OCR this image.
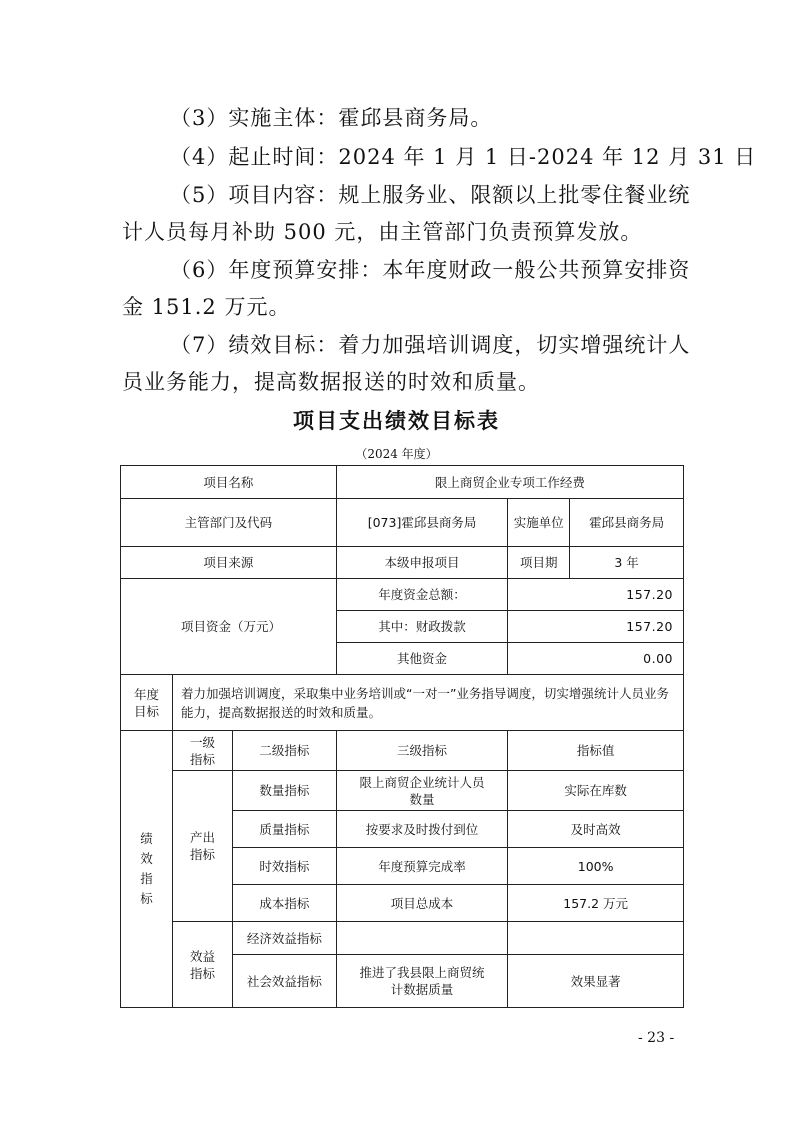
（3）实施主体：霍邱县商务局。
（4）起止时间：2024 年 1 月 1 日-2024 年 12 月 31 日
（5）项目内容：规上服务业、限额以上批零住餐业统
计人员每月补助 500 元，由主管部门负责预算发放。
（6）年度预算安排：本年度财政一般公共预算安排资
金 151.2 万元。
（7）绩效目标：着力加强培训调度，切实增强统计人
员业务能力，提高数据报送的时效和质量。
项目支出绩效目标表
（2024 年度）
项目名称			限上商贸企业专项工作经费		
主管部门及代码			[073]霍邱县商务局	实施单位	霍邱县商务局
项目来源			本级申报项目	项目期	3 年
项目资金（万元）			年度资金总额：	157.20	
			其中：财政拨款	157.20	
			其他资金	0.00	
年度目标	着力加强培训调度，采取集中业务培训或“一对一”业务指导调度，切实增强统计人员业务能力，提高数据报送的时效和质量。				
绩效指标	一级指标	二级指标	三级指标	指标值	
	产出指标	数量指标	限上商贸企业统计人员数量	实际在库数	
		质量指标	按要求及时拨付到位	及时高效	
		时效指标	年度预算完成率	100%	
		成本指标	项目总成本	157.2 万元	
	效益指标	经济效益指标			
		社会效益指标	推进了我县限上商贸统计数据质量	效果显著	
- 23 -
